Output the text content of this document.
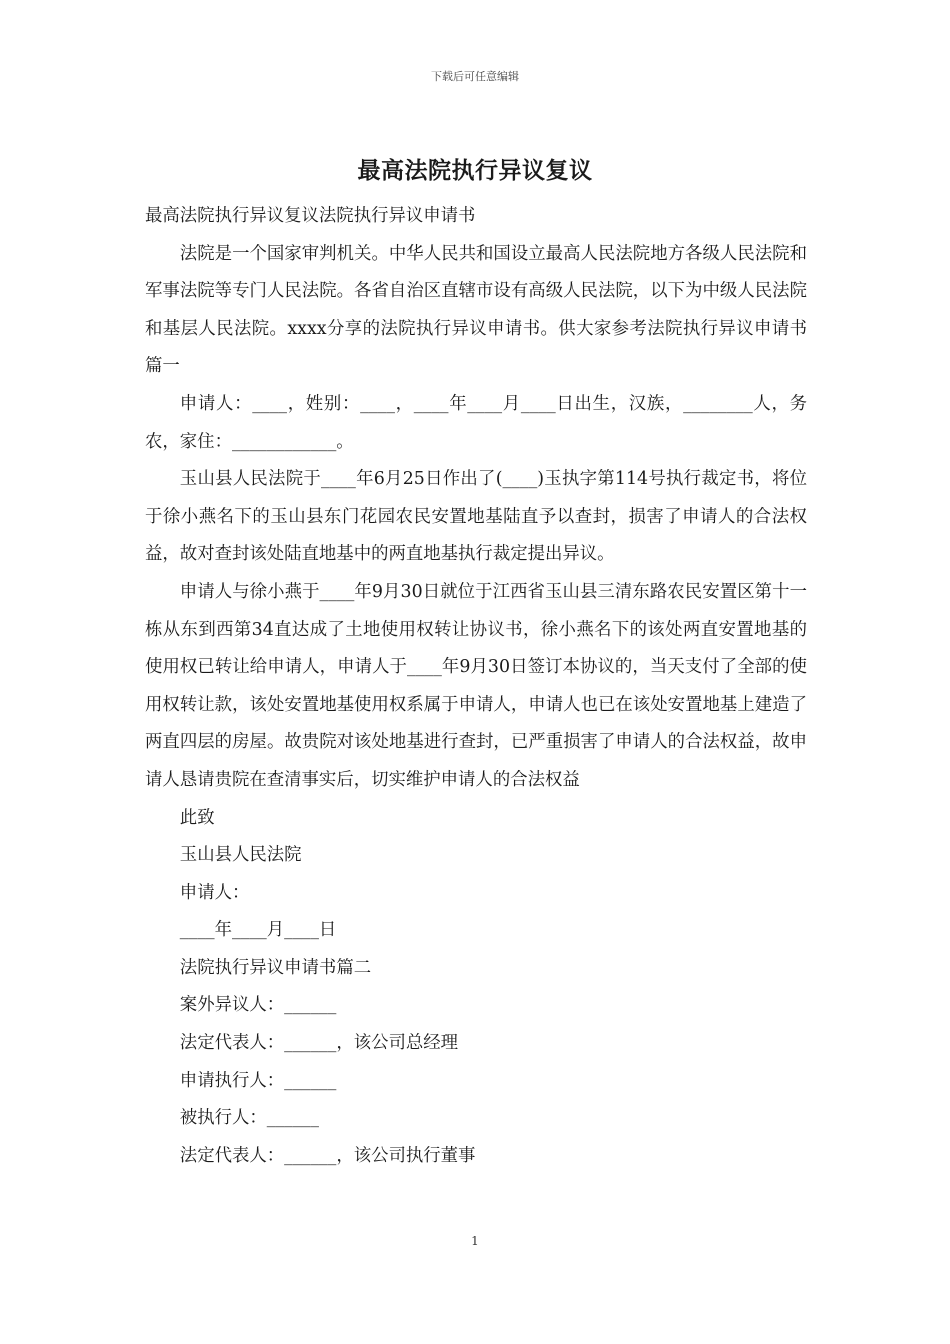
下载后可任意编辑
最高法院执行异议复议

最高法院执行异议复议法院执行异议申请书

法院是一个国家审判机关。中华人民共和国设立最高人民法院地方各级人民法院和军事法院等专门人民法院。各省自治区直辖市设有高级人民法院，以下为中级人民法院和基层人民法院。xxxx分享的法院执行异议申请书。供大家参考法院执行异议申请书篇一

申请人：____，姓别：____，____年____月____日出生，汉族，________人，务农，家住：____________。

玉山县人民法院于____年6月25日作出了(____)玉执字第114号执行裁定书，将位于徐小燕名下的玉山县东门花园农民安置地基陆直予以查封，损害了申请人的合法权益，故对查封该处陆直地基中的两直地基执行裁定提出异议。

申请人与徐小燕于____年9月30日就位于江西省玉山县三清东路农民安置区第十一栋从东到西第34直达成了土地使用权转让协议书，徐小燕名下的该处两直安置地基的使用权已转让给申请人，申请人于____年9月30日签订本协议的，当天支付了全部的使用权转让款，该处安置地基使用权系属于申请人，申请人也已在该处安置地基上建造了两直四层的房屋。故贵院对该处地基进行查封，已严重损害了申请人的合法权益，故申请人恳请贵院在查清事实后，切实维护申请人的合法权益

此致

玉山县人民法院

申请人：

____年____月____日

法院执行异议申请书篇二

案外异议人：______

法定代表人：______，该公司总经理

申请执行人：______

被执行人：______

法定代表人：______，该公司执行董事

1
